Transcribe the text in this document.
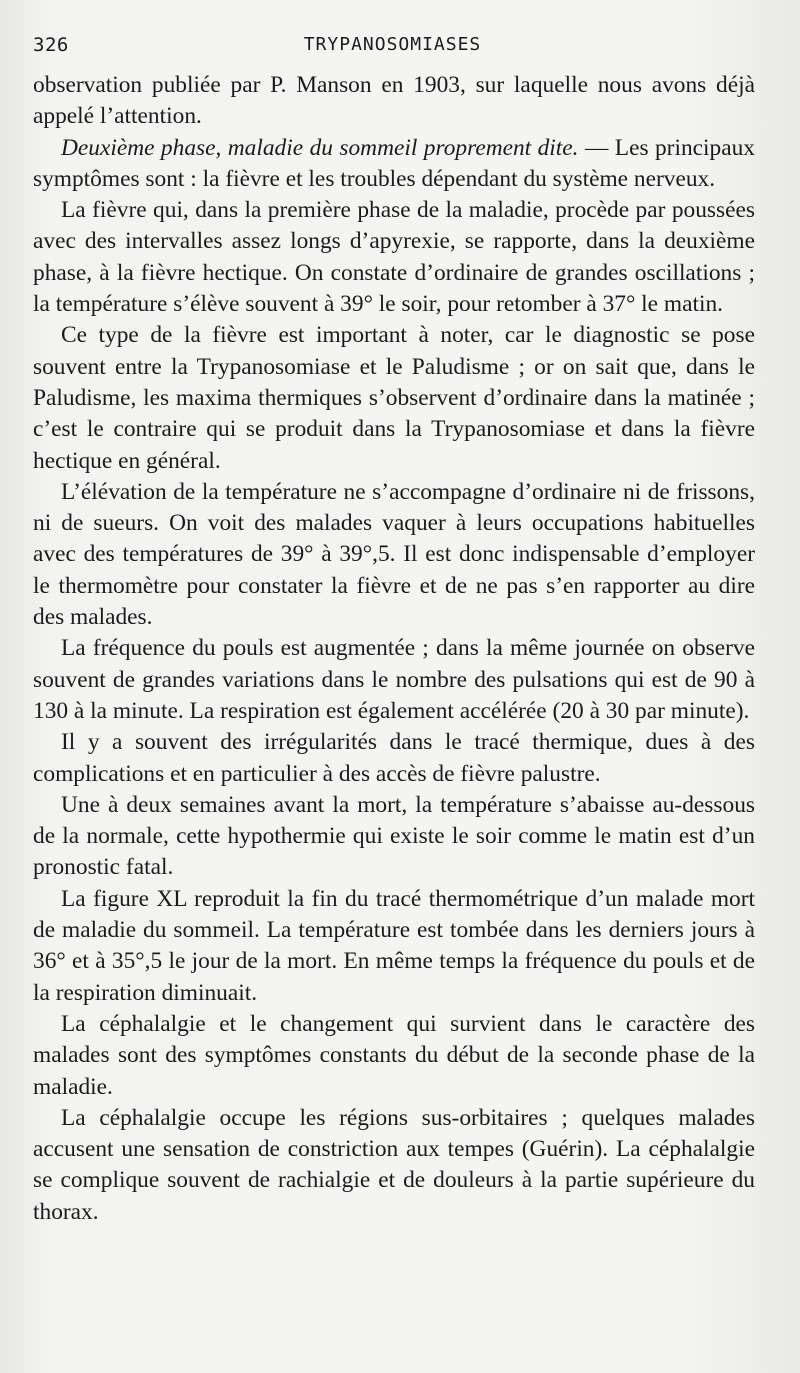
326	TRYPANOSOMIASES

observation publiée par P. Manson en 1903, sur laquelle nous avons déjà appelé l’attention.

Deuxième phase, maladie du sommeil proprement dite. — Les principaux symptômes sont : la fièvre et les troubles dépendant du système nerveux.

La fièvre qui, dans la première phase de la maladie, procède par poussées avec des intervalles assez longs d’apyrexie, se rapporte, dans la deuxième phase, à la fièvre hectique. On constate d’ordinaire de grandes oscillations ; la température s’élève souvent à 39° le soir, pour retomber à 37° le matin.

Ce type de la fièvre est important à noter, car le diagnostic se pose souvent entre la Trypanosomiase et le Paludisme ; or on sait que, dans le Paludisme, les maxima thermiques s’observent d’ordinaire dans la matinée ; c’est le contraire qui se produit dans la Trypanosomiase et dans la fièvre hectique en général.

L’élévation de la température ne s’accompagne d’ordinaire ni de frissons, ni de sueurs. On voit des malades vaquer à leurs occupations habituelles avec des températures de 39° à 39°,5. Il est donc indispensable d’employer le thermomètre pour constater la fièvre et de ne pas s’en rapporter au dire des malades.

La fréquence du pouls est augmentée ; dans la même journée on observe souvent de grandes variations dans le nombre des pulsations qui est de 90 à 130 à la minute. La respiration est également accélérée (20 à 30 par minute).

Il y a souvent des irrégularités dans le tracé thermique, dues à des complications et en particulier à des accès de fièvre palustre.

Une à deux semaines avant la mort, la température s’abaisse au-dessous de la normale, cette hypothermie qui existe le soir comme le matin est d’un pronostic fatal.

La figure XL reproduit la fin du tracé thermométrique d’un malade mort de maladie du sommeil. La température est tombée dans les derniers jours à 36° et à 35°,5 le jour de la mort. En même temps la fréquence du pouls et de la respiration diminuait.

La céphalalgie et le changement qui survient dans le caractère des malades sont des symptômes constants du début de la seconde phase de la maladie.

La céphalalgie occupe les régions sus-orbitaires ; quelques malades accusent une sensation de constriction aux tempes (Guérin). La céphalalgie se complique souvent de rachialgie et de douleurs à la partie supérieure du thorax.
